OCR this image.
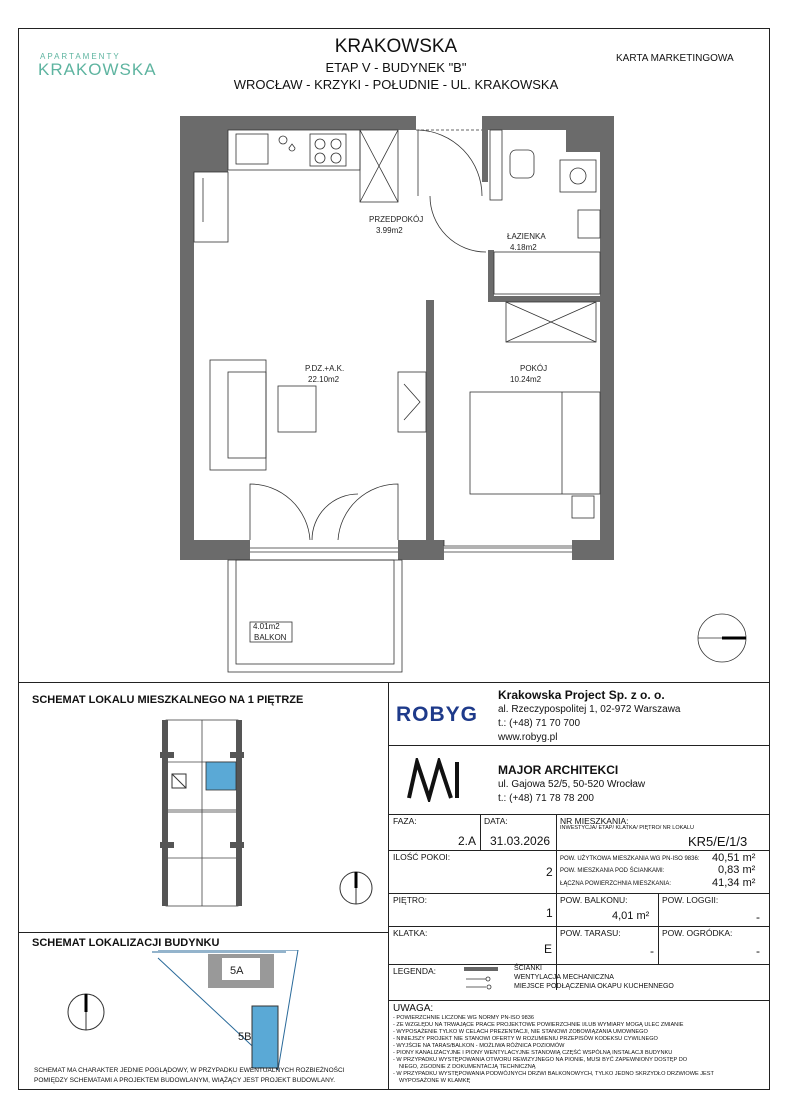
APARTAMENTY
KRAKOWSKA
KRAKOWSKA
ETAP V - BUDYNEK "B"
WROCŁAW - KRZYKI - POŁUDNIE - UL. KRAKOWSKA
KARTA MARKETINGOWA
PRZEDPOKÓJ
3.99m2
ŁAZIENKA
4.18m2
P.DZ.+A.K.
22.10m2
POKÓJ
10.24m2
4.01m2
BALKON
SCHEMAT LOKALU MIESZKALNEGO NA 1 PIĘTRZE
SCHEMAT LOKALIZACJI BUDYNKU
5A
5B
SCHEMAT MA CHARAKTER JEDNIE POGLĄDOWY, W PRZYPADKU EWENTUALNYCH ROZBIEŻNOŚCI
POMIĘDZY SCHEMATAMI A PROJEKTEM BUDOWLANYM, WIĄŻĄCY JEST PROJEKT BUDOWLANY.
ROBYG
Krakowska Project Sp. z o. o.
al. Rzeczypospolitej 1, 02-972 Warszawa
t.: (+48) 71 70 700
www.robyg.pl
MAJOR ARCHITEKCI
ul. Gajowa 52/5, 50-520 Wrocław
t.: (+48) 71 78 78 200
FAZA:
2.A
DATA:
31.03.2026
NR MIESZKANIA:
INWESTYCJA/ ETAP/ KLATKA/ PIĘTRO/ NR LOKALU
KR5/E/1/3
ILOŚĆ POKOI:
2
POW. UŻYTKOWA MIESZKANIA WG PN-ISO 9836: 40,51 m²
POW. MIESZKANIA POD ŚCIANKAMI:	0,83 m²
ŁĄCZNA POWIERZCHNIA MIESZKANIA:	41,34 m²
PIĘTRO:
1
POW. BALKONU:
4,01 m²
POW. LOGGII:
-
KLATKA:
E
POW. TARASU:
-
POW. OGRÓDKA:
-
LEGENDA:	ŚCIANKI
WENTYLACJA MECHANICZNA
MIEJSCE PODŁĄCZENIA OKAPU KUCHENNEGO
UWAGA:
- POWIERZCHNIE LICZONE WG NORMY PN-ISO 9836
- ZE WZGLĘDU NA TRWAJĄCE PRACE PROJEKTOWE POWIERZCHNIE I/LUB WYMIARY MOGĄ ULEC ZMIANIE
- WYPOSAŻENIE TYLKO W CELACH PREZENTACJI, NIE STANOWI ZOBOWIĄZANIA UMOWNEGO
- NINIEJSZY PROJEKT NIE STANOWI OFERTY W ROZUMIENIU PRZEPISÓW KODEKSU CYWILNEGO
- WYJŚCIE NA TARAS/BALKON - MOŻLIWA RÓŻNICA POZIOMÓW
- PIONY KANALIZACYJNE I PIONY WENTYLACYJNE STANOWIĄ CZĘŚĆ WSPÓLNĄ INSTALACJI BUDYNKU
- W PRZYPADKU WYSTĘPOWANIA OTWORU REWIZYJNEGO NA PIONIE, MUSI BYĆ ZAPEWNIONY DOSTĘP DO
NIEGO, ZGODNIE Z DOKUMENTACJĄ TECHNICZNĄ
- W PRZYPADKU WYSTĘPOWANIA PODWÓJNYCH DRZWI BALKONOWYCH, TYLKO JEDNO SKRZYDŁO DRZWIOWE JEST
WYPOSAŻONE W KLAMKĘ
